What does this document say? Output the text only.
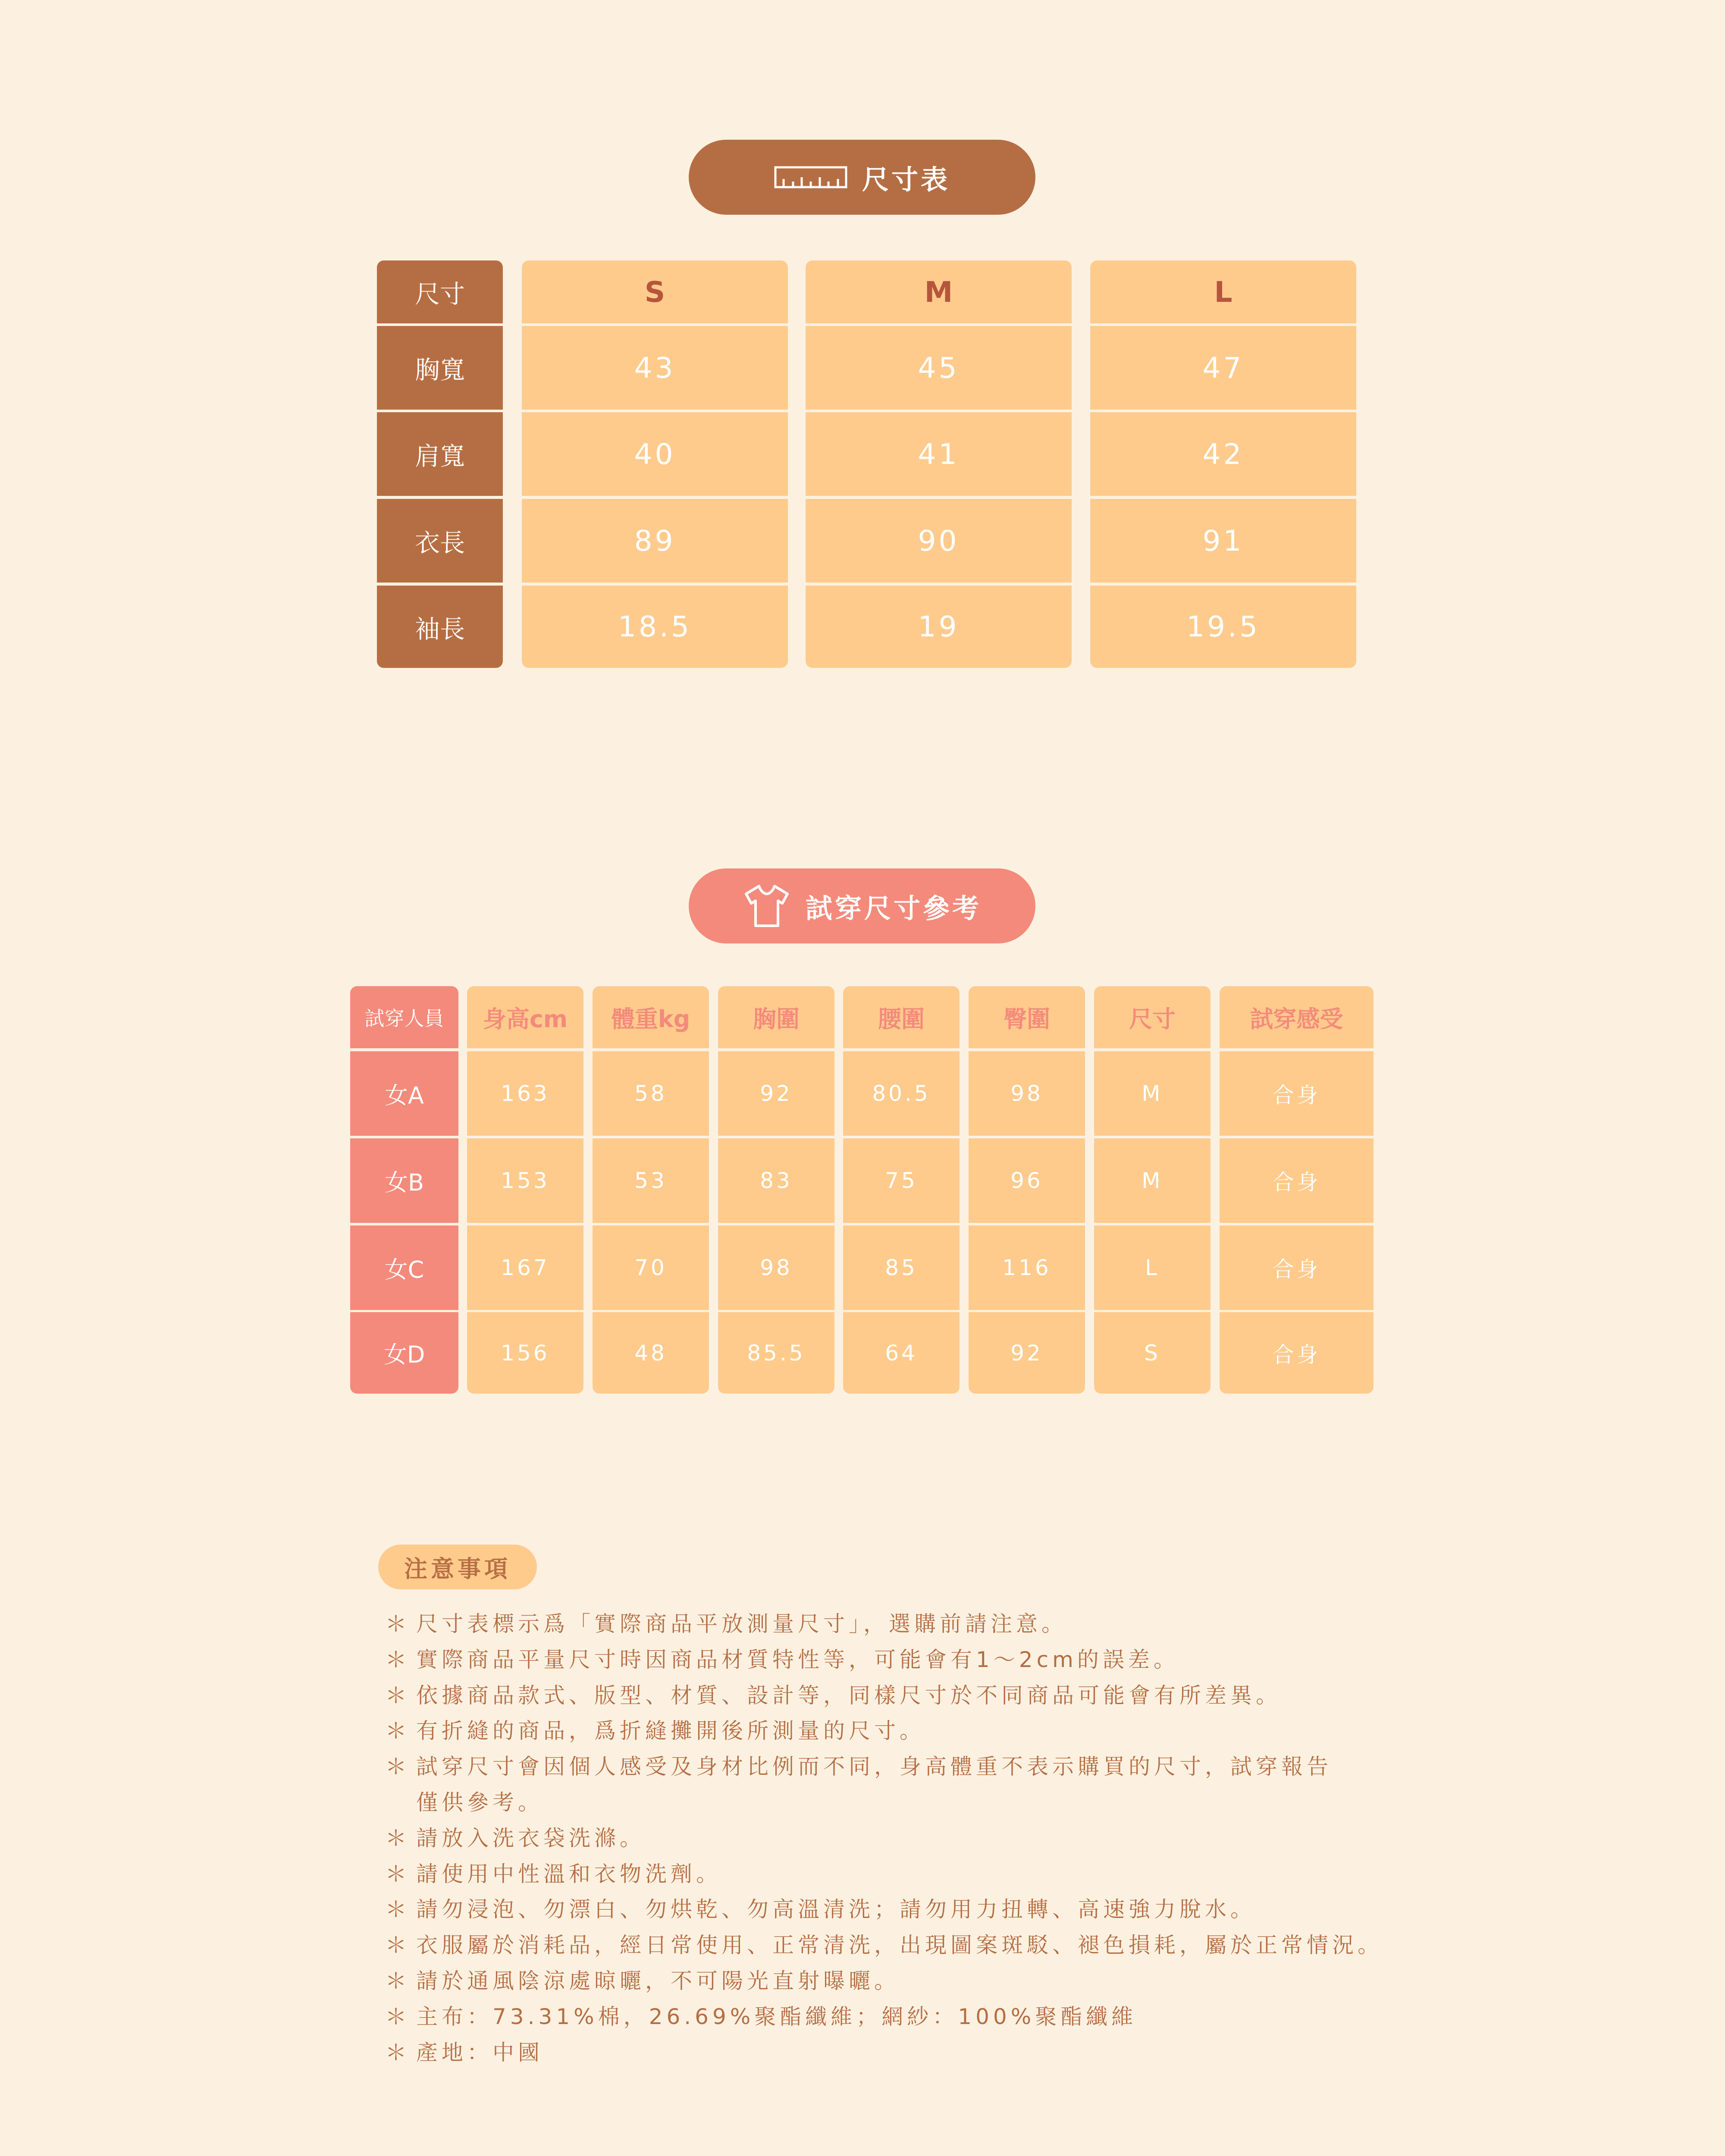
尺寸表
尺寸	S	M	L
胸寬	43	45	47
肩寬	40	41	42
衣長	89	90	91
袖長	18.5	19	19.5
試穿尺寸參考
試穿人員	身高cm	體重kg	胸圍	腰圍	臀圍	尺寸	試穿感受
女A	163	58	92	80.5	98	M	合身
女B	153	53	83	75	96	M	合身
女C	167	70	98	85	116	L	合身
女D	156	48	85.5	64	92	S	合身
注意事項
＊ 尺寸表標示爲「實際商品平放測量尺寸」，選購前請注意。
＊ 實際商品平量尺寸時因商品材質特性等，可能會有1～2cm的誤差。
＊ 依據商品款式、版型、材質、設計等，同樣尺寸於不同商品可能會有所差異。
＊ 有折縫的商品，爲折縫攤開後所測量的尺寸。
＊ 試穿尺寸會因個人感受及身材比例而不同，身高體重不表示購買的尺寸，試穿報告
僅供參考。
＊ 請放入洗衣袋洗滌。
＊ 請使用中性溫和衣物洗劑。
＊ 請勿浸泡、勿漂白、勿烘乾、勿高溫清洗；請勿用力扭轉、高速強力脫水。
＊ 衣服屬於消耗品，經日常使用、正常清洗，出現圖案斑駁、褪色損耗，屬於正常情況。
＊ 請於通風陰涼處晾曬，不可陽光直射曝曬。
＊ 主布：73.31%棉，26.69%聚酯纖維；網紗：100%聚酯纖維
＊ 產地：中國
